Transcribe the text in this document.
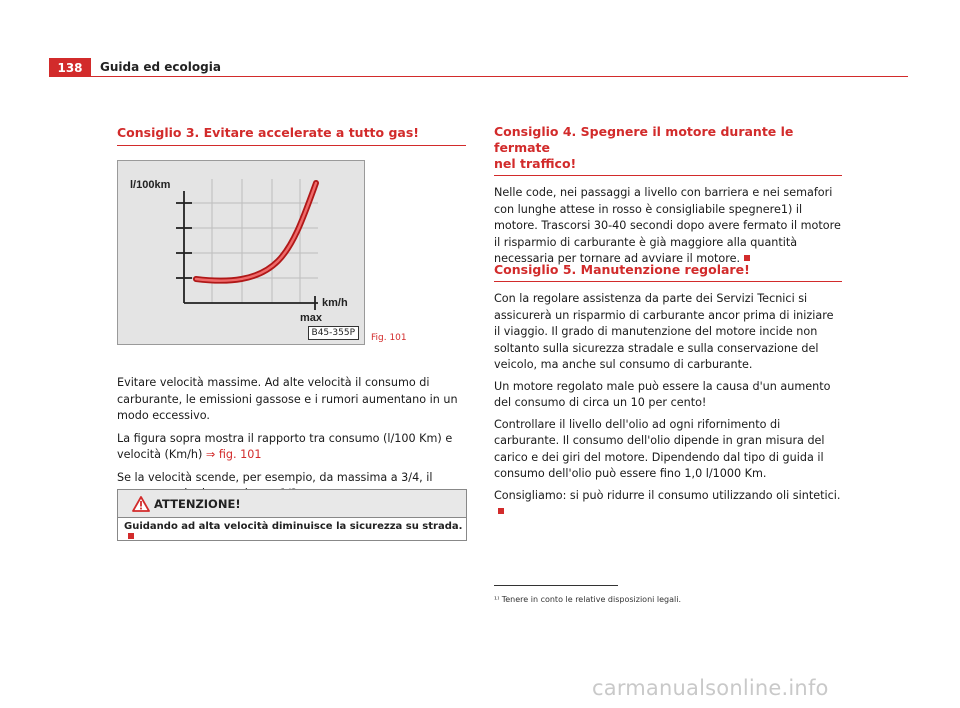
138	Guida ed ecologia
Consiglio 3. Evitare accelerate a tutto gas!
l/100km
km/h
max
B45-355P	Fig. 101

Evitare velocità massime. Ad alte velocità il consumo di carburante, le emissioni gassose e i rumori aumentano in un modo eccessivo.

La figura sopra mostra il rapporto tra consumo (l/100 Km) e velocità (Km/h) ⇒ fig. 101

Se la velocità scende, per esempio, da massima a 3/4, il

ATTENZIONE!
Guidando ad alta velocità diminuisce la sicurezza su strada.
Consiglio 4. Spegnere il motore durante le fermate
nel traffico!

Nelle code, nei passaggi a livello con barriera e nei semafori con lunghe attese in rosso è consigliabile spegnere1) il motore. Trascorsi 30-40 secondi dopo avere fermato il motore il risparmio di carburante è già maggiore alla quantità necessaria per tornare ad avviare il motore.

Consiglio 5. Manutenzione regolare!

Con la regolare assistenza da parte dei Servizi Tecnici si assicurerà un risparmio di carburante ancor prima di iniziare il viaggio. Il grado di manutenzione del motore incide non soltanto sulla sicurezza stradale e sulla conservazione del veicolo, ma anche sul consumo di carburante.

Un motore regolato male può essere la causa d'un aumento del consumo di circa un 10 per cento!

Controllare il livello dell'olio ad ogni rifornimento di carburante. Il consumo dell'olio dipende in gran misura del carico e dei giri del motore. Dipendendo dal tipo di guida il consumo dell'olio può essere fino 1,0 l/1000 Km.

Consigliamo: si può ridurre il consumo utilizzando oli sintetici.

¹⁾ Tenere in conto le relative disposizioni legali.
carmanualsonline.info
